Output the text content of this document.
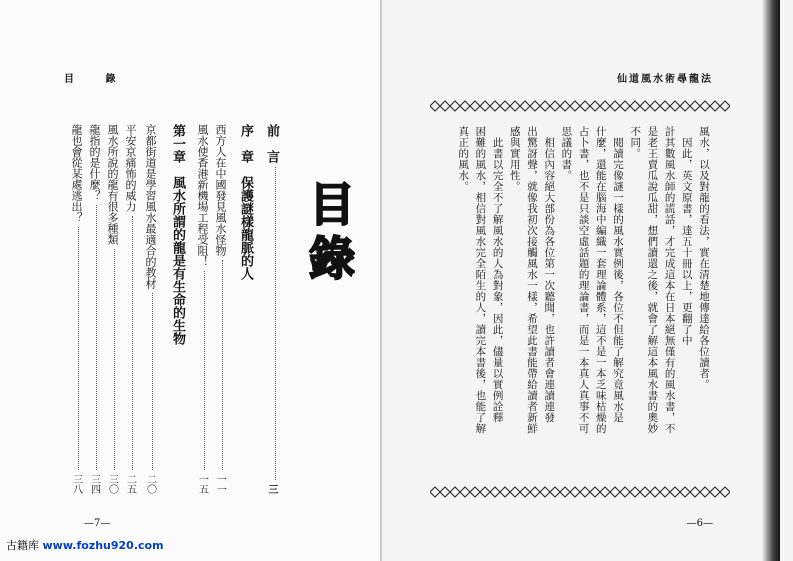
目 錄
目錄
前　言
三
序　章　保護謎樣龍脈的人
西方人在中國發見風水怪物
一一
風水使香港新機場工程受阻！
一五
第一章　風水所謂的龍是有生命的生物
京都街道是學習風水最適合的教材
二〇
平安京痛怖的威力
二五
風水所說的龍有很多種類
三〇
龍指的是什麼？
三四
龍也會從某處逃出？
三八
—7—
仙道風水術尋龍法
風水，以及對龍的看法，實在清楚地傳達給各位讀者。
　因此，英文原書，達五十冊以上，更翻了中
計其數風水師的謊話，才完成這本在日本絕無僅有的風水書，不
是老王賣瓜說瓜甜，想們讀還之後，就會了解這本風水書的奧妙
不同。
　閱讀完像謎一樣的風水實例後，各位不但能了解究竟風水是
什麼，還能在腦海中編織一套理論體系，這不是一本乏味枯燥的
占卜書，也不是只談空虛話題的理論書，而是一本真人真事不可
思議的書。
　相信內容絕大部份為各位第一次聽聞，也許讀者會連讀連發
出驚訝聲，就像我初次接觸風水一樣，希望此書能帶給讀者新鮮
感與實用性。
　此書以完全不了解風水的人為對象，因此，儘量以實例詮釋
困難的風水，相信對風水完全陌生的人，讀完本書後，也能了解
真正的風水。
—6—
古籍库 www.fozhu920.com
